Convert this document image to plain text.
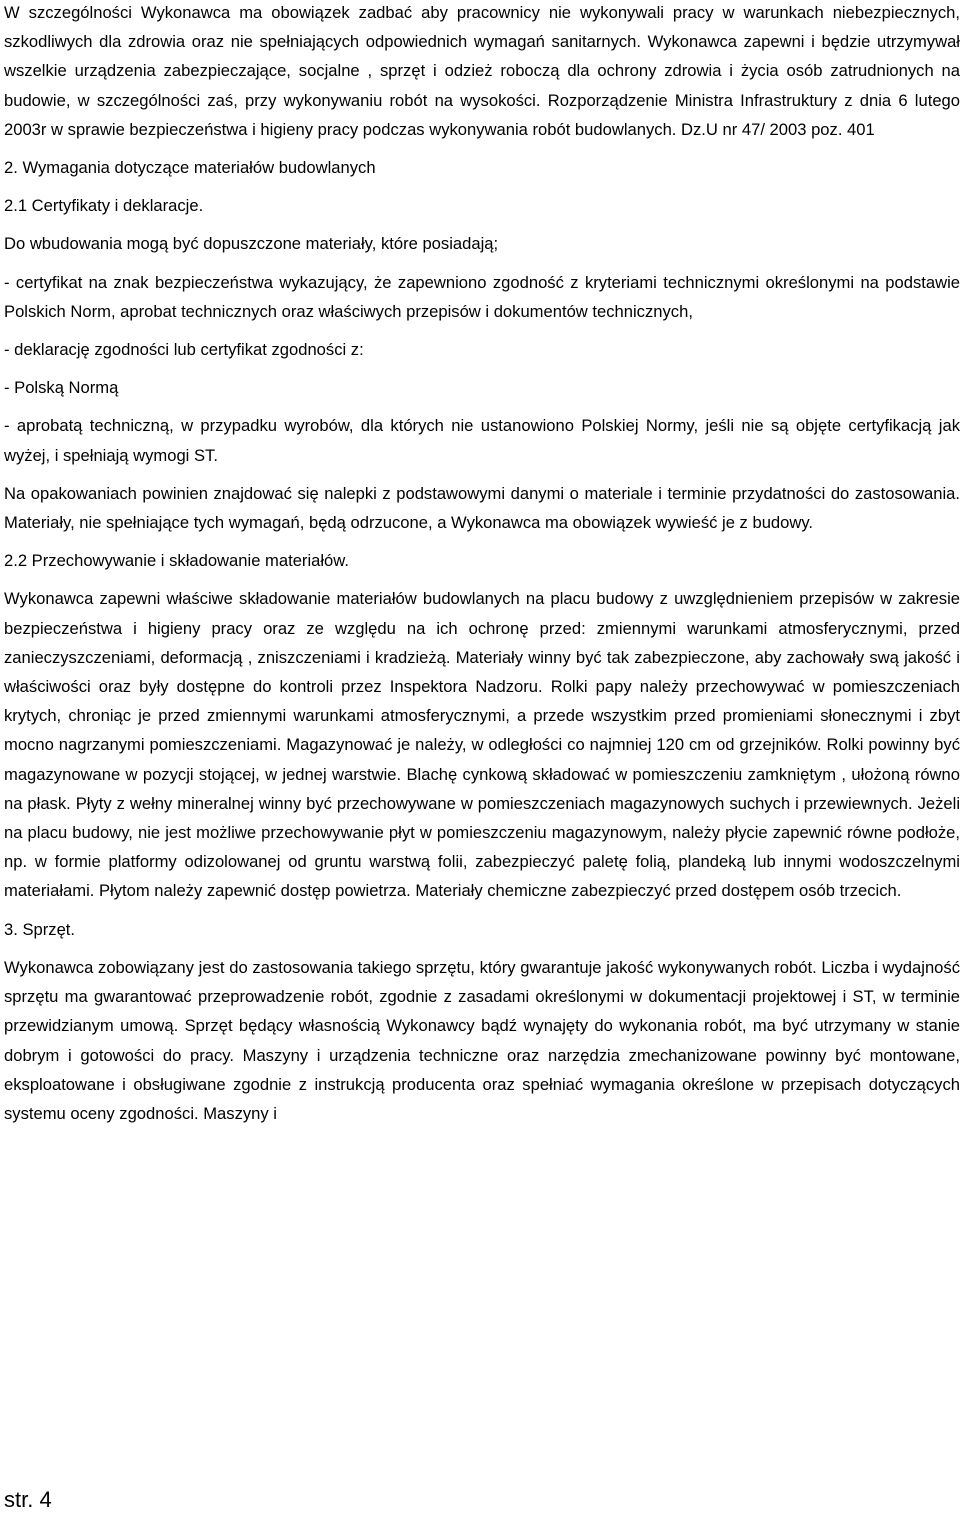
W szczególności Wykonawca ma obowiązek zadbać aby pracownicy nie wykonywali pracy w warunkach niebezpiecznych, szkodliwych dla zdrowia oraz nie spełniających odpowiednich wymagań sanitarnych. Wykonawca zapewni i będzie utrzymywał wszelkie urządzenia zabezpieczające, socjalne , sprzęt i odzież roboczą dla ochrony zdrowia i życia osób zatrudnionych na budowie, w szczególności zaś, przy wykonywaniu robót na wysokości. Rozporządzenie Ministra Infrastruktury z dnia 6 lutego 2003r w sprawie bezpieczeństwa i higieny pracy podczas wykonywania robót budowlanych. Dz.U nr 47/ 2003 poz. 401

2. Wymagania dotyczące materiałów budowlanych

2.1 Certyfikaty i deklaracje.

Do wbudowania mogą być dopuszczone materiały, które posiadają;

- certyfikat na znak bezpieczeństwa wykazujący, że zapewniono zgodność z kryteriami technicznymi określonymi na podstawie Polskich Norm, aprobat technicznych oraz właściwych przepisów i dokumentów technicznych,

- deklarację zgodności lub certyfikat zgodności z:

- Polską Normą

- aprobatą techniczną, w przypadku wyrobów, dla których nie ustanowiono Polskiej Normy, jeśli nie są objęte certyfikacją jak wyżej, i spełniają wymogi ST.

Na opakowaniach powinien znajdować się nalepki z podstawowymi danymi o materiale i terminie przydatności do zastosowania. Materiały, nie spełniające tych wymagań, będą odrzucone, a Wykonawca ma obowiązek wywieść je z budowy.

2.2 Przechowywanie i składowanie materiałów.

Wykonawca zapewni właściwe składowanie materiałów budowlanych na placu budowy z uwzględnieniem przepisów w zakresie bezpieczeństwa i higieny pracy oraz ze względu na ich ochronę przed: zmiennymi warunkami atmosferycznymi, przed zanieczyszczeniami, deformacją , zniszczeniami i kradzieżą. Materiały winny być tak zabezpieczone, aby zachowały swą jakość i właściwości oraz były dostępne do kontroli przez Inspektora Nadzoru. Rolki papy należy przechowywać w pomieszczeniach krytych, chroniąc je przed zmiennymi warunkami atmosferycznymi, a przede wszystkim przed promieniami słonecznymi i zbyt mocno nagrzanymi pomieszczeniami. Magazynować je należy, w odległości co najmniej 120 cm od grzejników. Rolki powinny być magazynowane w pozycji stojącej, w jednej warstwie. Blachę cynkową składować w pomieszczeniu zamkniętym , ułożoną równo na płask. Płyty z wełny mineralnej winny być przechowywane w pomieszczeniach magazynowych suchych i przewiewnych. Jeżeli na placu budowy, nie jest możliwe przechowywanie płyt w pomieszczeniu magazynowym, należy płycie zapewnić równe podłoże, np. w formie platformy odizolowanej od gruntu warstwą folii, zabezpieczyć paletę folią, plandeką lub innymi wodoszczelnymi materiałami. Płytom należy zapewnić dostęp powietrza. Materiały chemiczne zabezpieczyć przed dostępem osób trzecich.

3. Sprzęt.

Wykonawca zobowiązany jest do zastosowania takiego sprzętu, który gwarantuje jakość wykonywanych robót. Liczba i wydajność sprzętu ma gwarantować przeprowadzenie robót, zgodnie z zasadami określonymi w dokumentacji projektowej i ST, w terminie przewidzianym umową. Sprzęt będący własnością Wykonawcy bądź wynajęty do wykonania robót, ma być utrzymany w stanie dobrym i gotowości do pracy. Maszyny i urządzenia techniczne oraz narzędzia zmechanizowane powinny być montowane, eksploatowane i obsługiwane zgodnie z instrukcją producenta oraz spełniać wymagania określone w przepisach dotyczących systemu oceny zgodności. Maszyny i

str. 4
